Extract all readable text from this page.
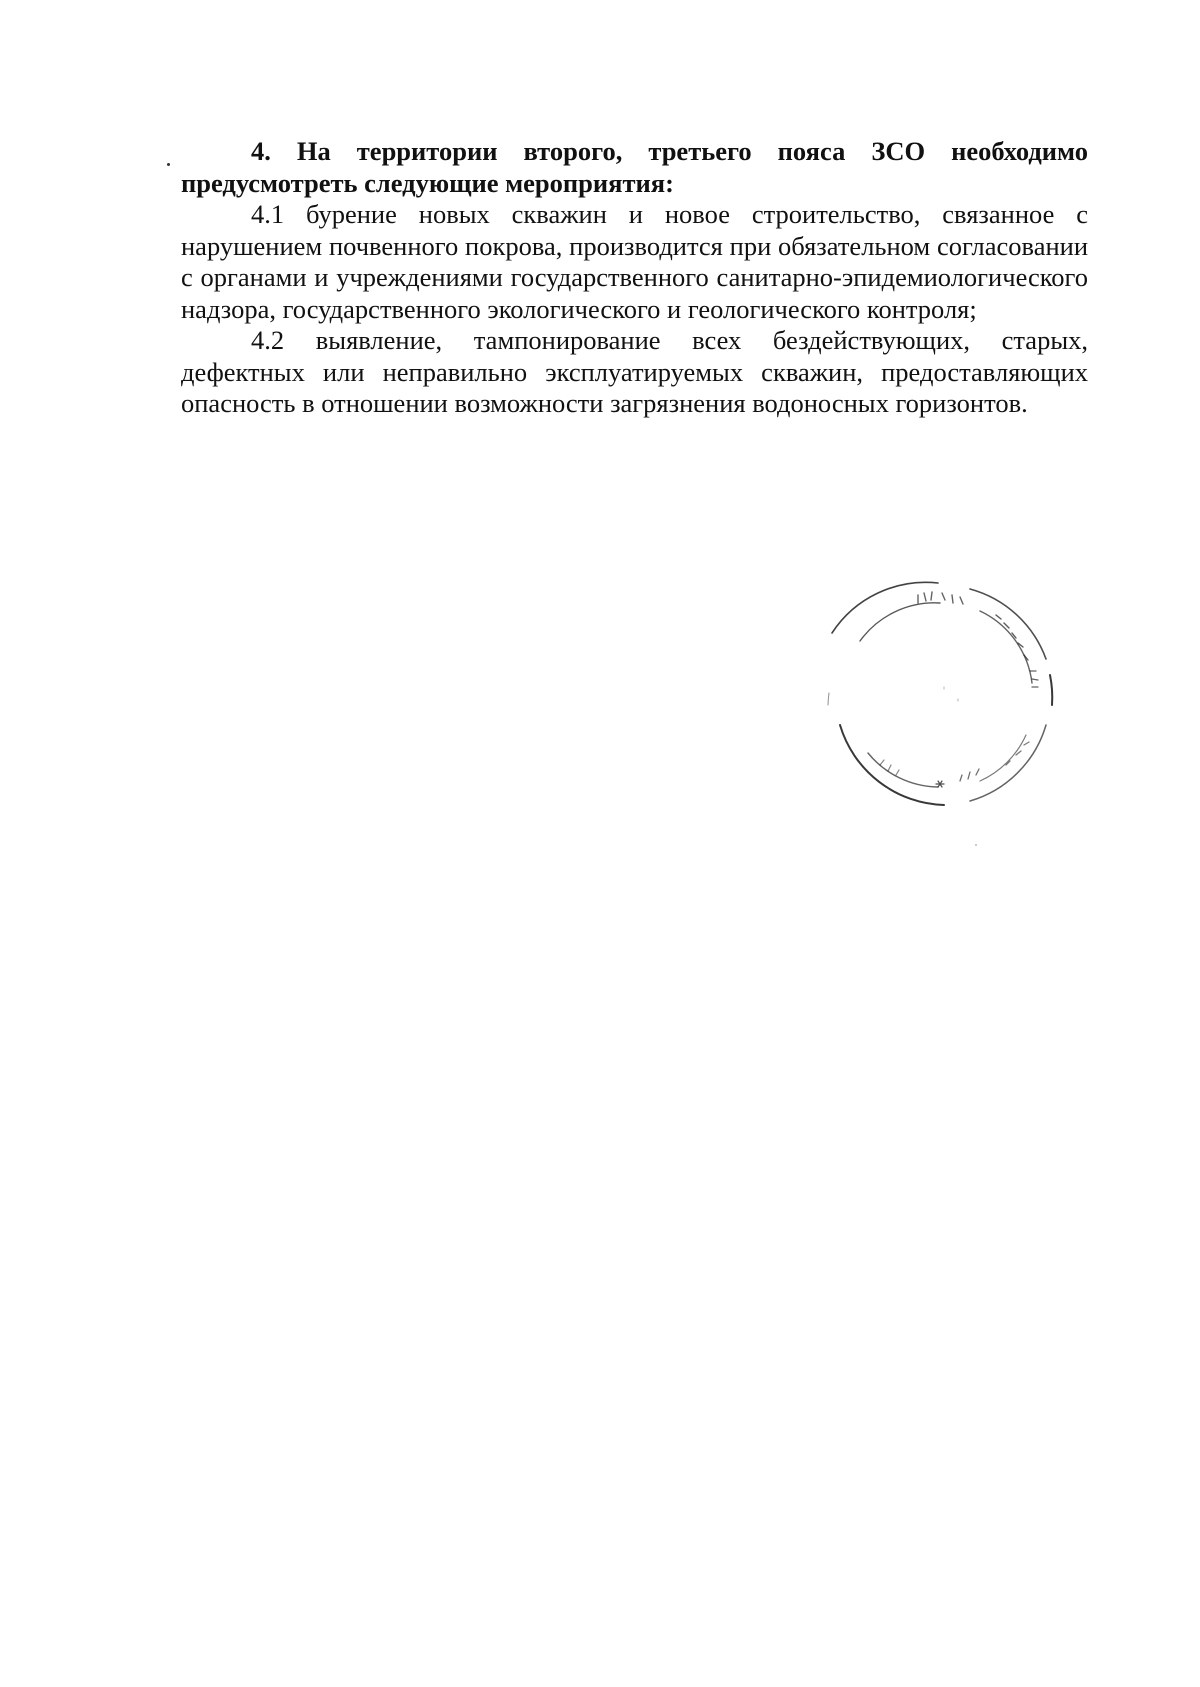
4. На территории второго, третьего пояса ЗСО необходимо предусмотреть следующие мероприятия:

4.1 бурение новых скважин и новое строительство, связанное с нарушением почвенного покрова, производится при обязательном согласовании с органами и учреждениями государственного санитарно-эпидемиологического надзора, государственного экологического и геологического контроля;

4.2 выявление, тампонирование всех бездействующих, старых, дефектных или неправильно эксплуатируемых скважин, предоставляющих опасность в отношении возможности загрязнения водоносных горизонтов.
